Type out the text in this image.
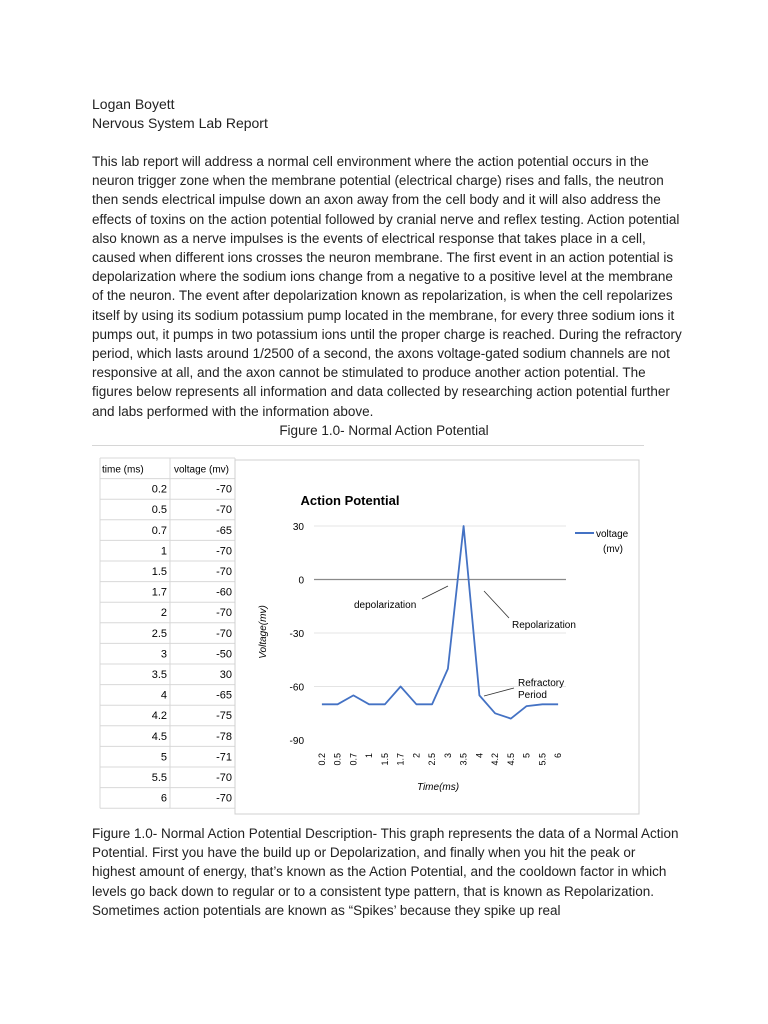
Logan Boyett
Nervous System Lab Report
This lab report will address a normal cell environment where the action potential occurs in the neuron trigger zone when the membrane potential (electrical charge) rises and falls, the neutron then sends electrical impulse down an axon away from the cell body and it will also address the effects of toxins on the action potential followed by cranial nerve and reflex testing. Action potential also known as a nerve impulses is the events of electrical response that takes place in a cell, caused when different ions crosses the neuron membrane. The first event in an action potential is depolarization where the sodium ions change from a negative to a positive level at the membrane of the neuron. The event after depolarization known as repolarization, is when the cell repolarizes itself by using its sodium potassium pump located in the membrane, for every three sodium ions it pumps out, it pumps in two potassium ions until the proper charge is reached. During the refractory period, which lasts around 1/2500 of a second, the axons voltage-gated sodium channels are not responsive at all, and the axon cannot be stimulated to produce another action potential. The figures below represents all information and data collected by researching action potential further and labs performed with the information above.
Figure 1.0- Normal Action Potential
time (ms)	voltage (mv)
0.2	-70
0.5	-70
0.7	-65
1	-70
1.5	-70
1.7	-60
2	-70
2.5	-70
3	-50
3.5	30
4	-65
4.2	-75
4.5	-78
5	-71
5.5	-70
6	-70
Action Potential
30
0
-30
-60
-90
0.2 0.5 0.7 1 1.5 1.7 2 2.5 3 3.5 4 4.2 4.5 5 5.5 6
Voltage(mv)
Time(ms)
depolarization
Repolarization
Refractory Period
voltage (mv)
Figure 1.0- Normal Action Potential Description- This graph represents the data of a Normal Action Potential. First you have the build up or Depolarization, and finally when you hit the peak or highest amount of energy, that’s known as the Action Potential, and the cooldown factor in which levels go back down to regular or to a consistent type pattern, that is known as Repolarization. Sometimes action potentials are known as “Spikes’ because they spike up real
